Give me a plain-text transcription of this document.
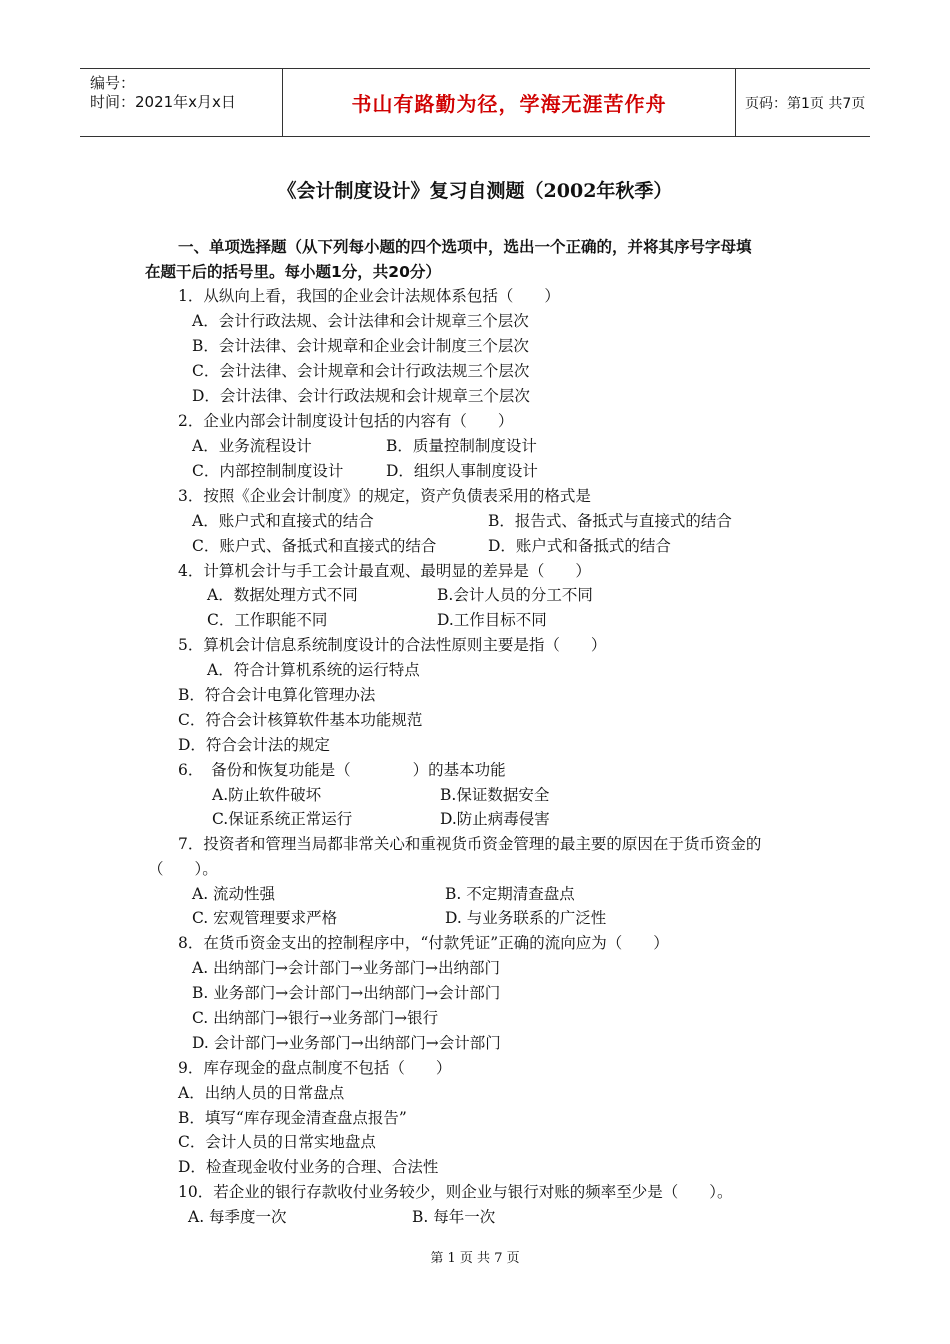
编号：
时间：2021年x月x日	书山有路勤为径，学海无涯苦作舟	页码：第1页 共7页
《会计制度设计》复习自测题（2002年秋季）
一、单项选择题（从下列每小题的四个选项中，选出一个正确的，并将其序号字母填
在题干后的括号里。每小题1分，共20分）
1．从纵向上看，我国的企业会计法规体系包括（　　）
A．会计行政法规、会计法律和会计规章三个层次
B．会计法律、会计规章和企业会计制度三个层次
C．会计法律、会计规章和会计行政法规三个层次
D．会计法律、会计行政法规和会计规章三个层次
2．企业内部会计制度设计包括的内容有（　　）
A．业务流程设计	B．质量控制制度设计
C．内部控制制度设计	D．组织人事制度设计
3．按照《企业会计制度》的规定，资产负债表采用的格式是
A．账户式和直接式的结合	B．报告式、备抵式与直接式的结合
C．账户式、备抵式和直接式的结合	D．账户式和备抵式的结合
4．计算机会计与手工会计最直观、最明显的差异是（　　）
A．数据处理方式不同	B.会计人员的分工不同
C．工作职能不同	D.工作目标不同
5．算机会计信息系统制度设计的合法性原则主要是指（　　）
A．符合计算机系统的运行特点
B．符合会计电算化管理办法
C．符合会计核算软件基本功能规范
D．符合会计法的规定
6．　备份和恢复功能是（　　　　）的基本功能
A.防止软件破坏	B.保证数据安全
C.保证系统正常运行	D.防止病毒侵害
7．投资者和管理当局都非常关心和重视货币资金管理的最主要的原因在于货币资金的
（　　）。
A. 流动性强	B. 不定期清查盘点
C. 宏观管理要求严格	D. 与业务联系的广泛性
8．在货币资金支出的控制程序中，“付款凭证”正确的流向应为（　　）
A. 出纳部门→会计部门→业务部门→出纳部门
B. 业务部门→会计部门→出纳部门→会计部门
C. 出纳部门→银行→业务部门→银行
D. 会计部门→业务部门→出纳部门→会计部门
9．库存现金的盘点制度不包括（　　）
A．出纳人员的日常盘点
B．填写“库存现金清查盘点报告”
C．会计人员的日常实地盘点
D．检查现金收付业务的合理、合法性
10．若企业的银行存款收付业务较少，则企业与银行对账的频率至少是（　　）。
A. 每季度一次	B. 每年一次
第 1 页 共 7 页
